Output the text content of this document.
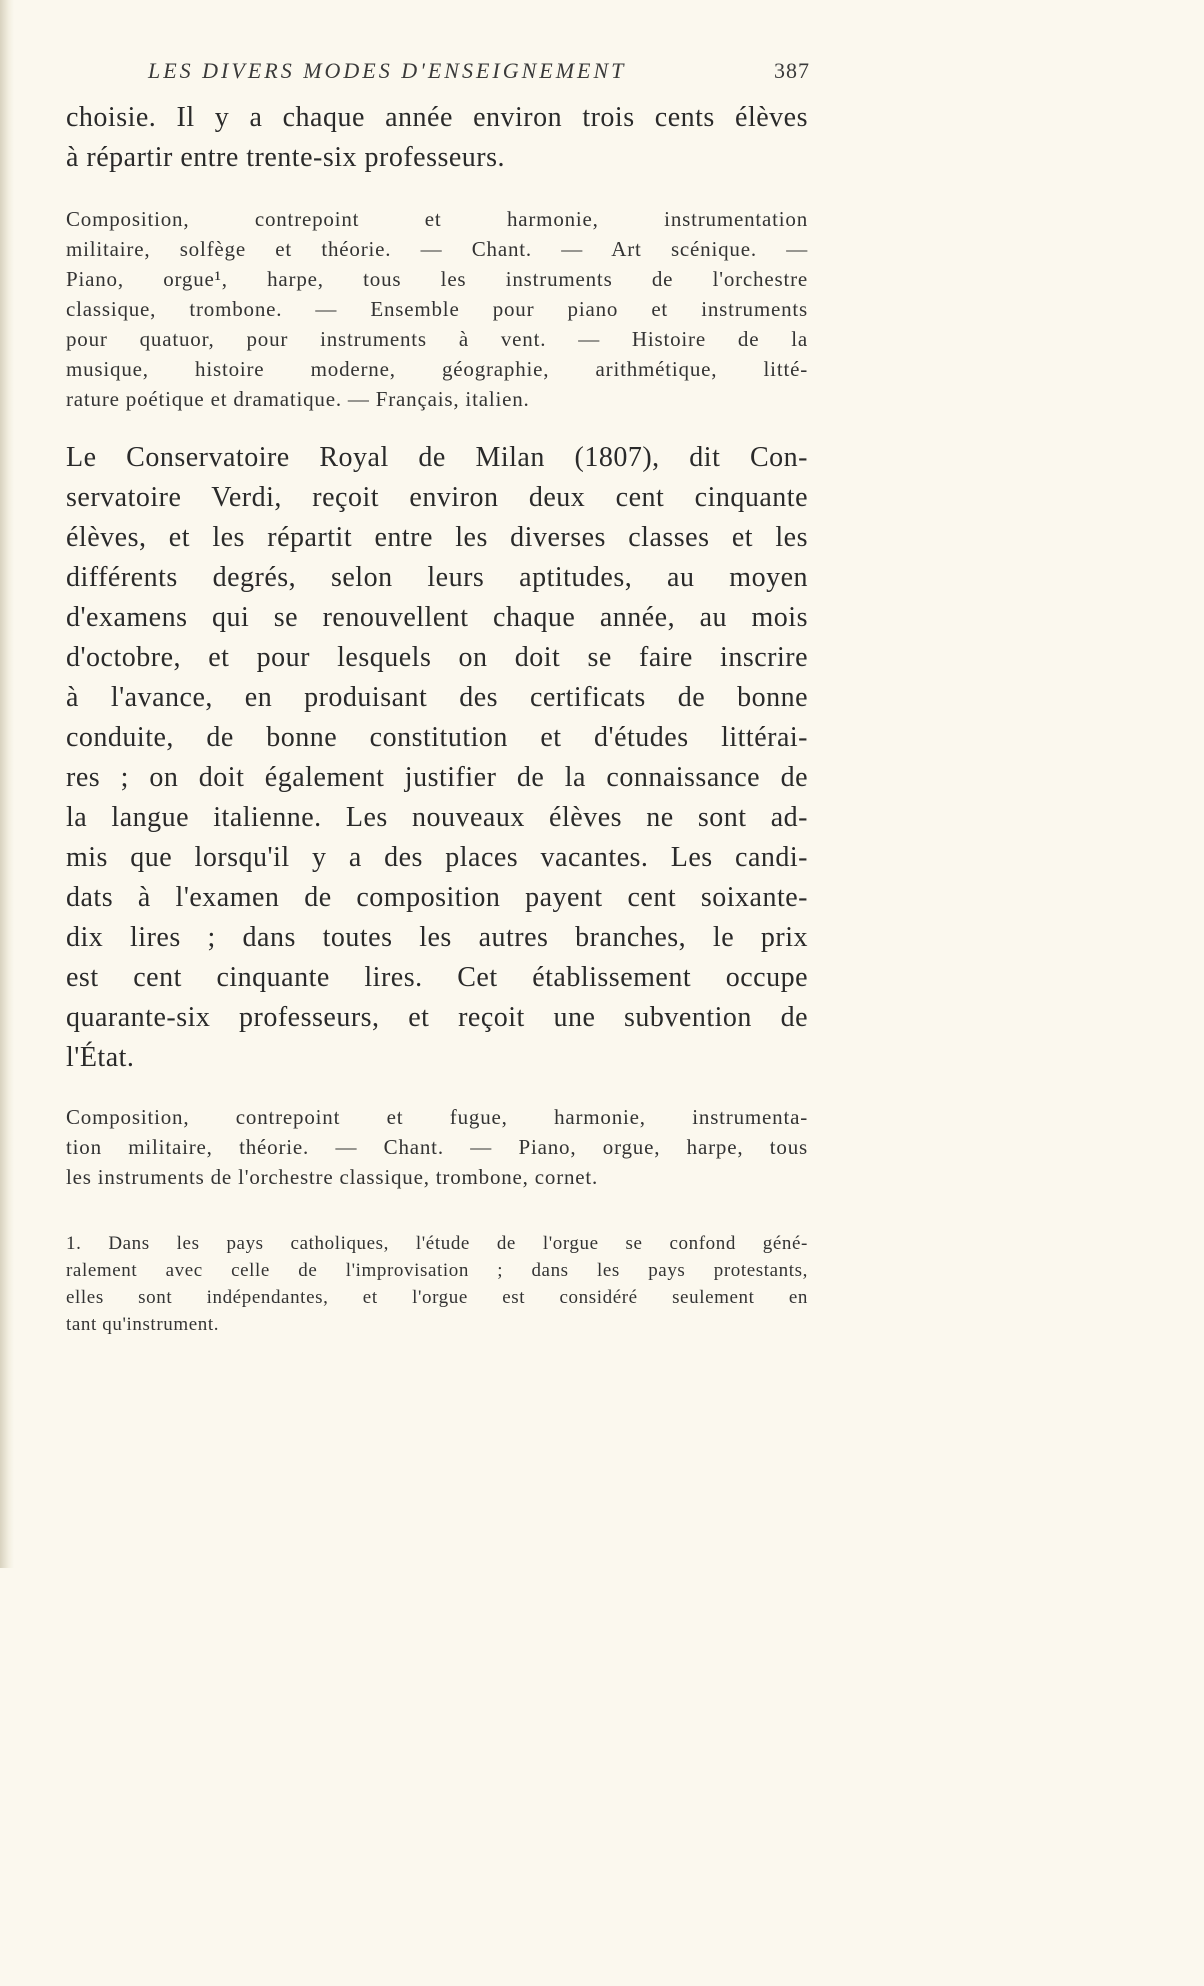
LES DIVERS MODES D'ENSEIGNEMENT	387
choisie. Il y a chaque année environ trois cents élèves
à répartir entre trente-six professeurs.
Composition, contrepoint et harmonie, instrumentation
militaire, solfège et théorie. — Chant. — Art scénique. —
Piano, orgue¹, harpe, tous les instruments de l'orchestre
classique, trombone. — Ensemble pour piano et instruments
pour quatuor, pour instruments à vent. — Histoire de la
musique, histoire moderne, géographie, arithmétique, litté-
rature poétique et dramatique. — Français, italien.
Le Conservatoire Royal de Milan (1807), dit Con-
servatoire Verdi, reçoit environ deux cent cinquante
élèves, et les répartit entre les diverses classes et les
différents degrés, selon leurs aptitudes, au moyen
d'examens qui se renouvellent chaque année, au mois
d'octobre, et pour lesquels on doit se faire inscrire
à l'avance, en produisant des certificats de bonne
conduite, de bonne constitution et d'études littérai-
res ; on doit également justifier de la connaissance de
la langue italienne. Les nouveaux élèves ne sont ad-
mis que lorsqu'il y a des places vacantes. Les candi-
dats à l'examen de composition payent cent soixante-
dix lires ; dans toutes les autres branches, le prix
est cent cinquante lires. Cet établissement occupe
quarante-six professeurs, et reçoit une subvention de
l'État.
Composition, contrepoint et fugue, harmonie, instrumenta-
tion militaire, théorie. — Chant. — Piano, orgue, harpe, tous
les instruments de l'orchestre classique, trombone, cornet.
1. Dans les pays catholiques, l'étude de l'orgue se confond géné-
ralement avec celle de l'improvisation ; dans les pays protestants,
elles sont indépendantes, et l'orgue est considéré seulement en
tant qu'instrument.
